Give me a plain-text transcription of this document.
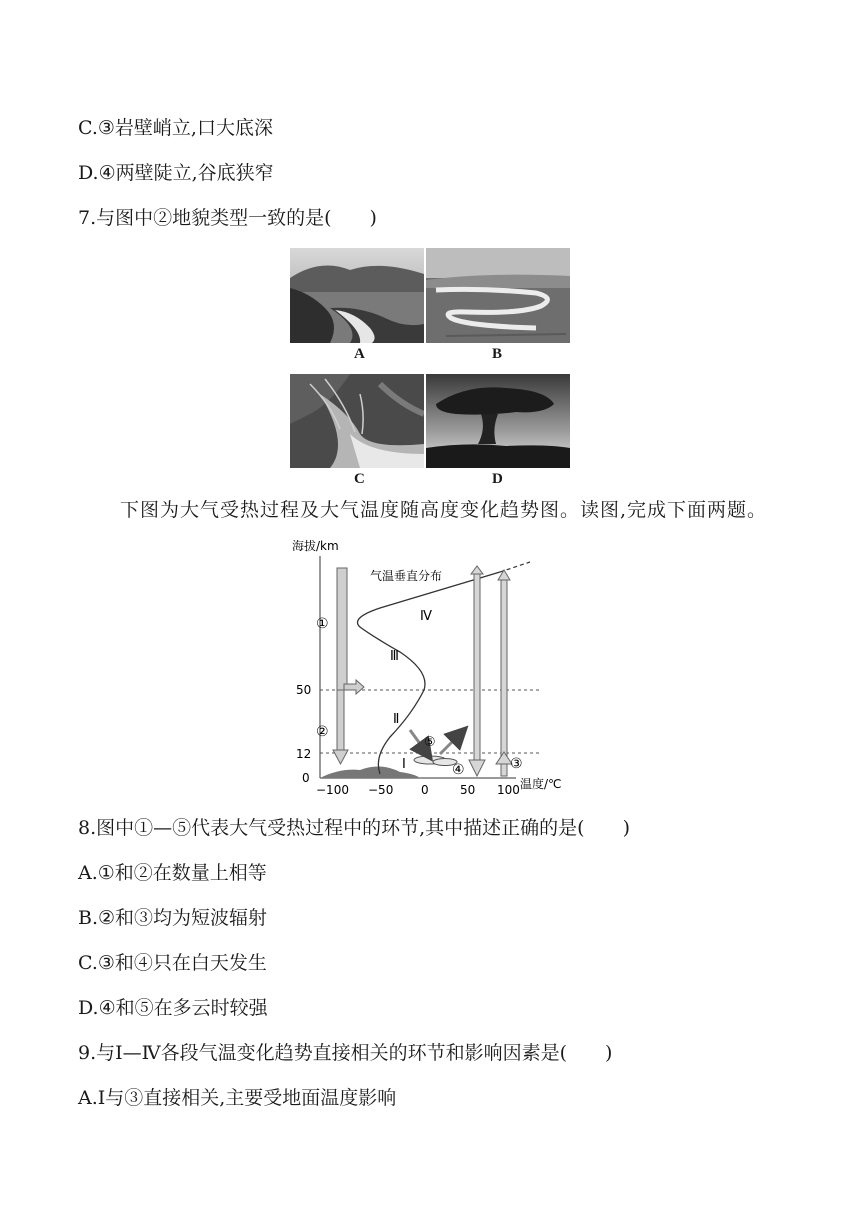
C.③岩壁峭立,口大底深
D.④两壁陡立,谷底狭窄
7.与图中②地貌类型一致的是(　　)
A	B
C	D
下图为大气受热过程及大气温度随高度变化趋势图。读图,完成下面两题。
海拔/km
温度/℃
0
12
50
−100 −50 0	50 100
①
②
气温垂直分布
Ⅰ
Ⅱ
Ⅲ
Ⅳ
⑤
④	③
8.图中①—⑤代表大气受热过程中的环节,其中描述正确的是(　　)
A.①和②在数量上相等
B.②和③均为短波辐射
C.③和④只在白天发生
D.④和⑤在多云时较强
9.与Ⅰ—Ⅳ各段气温变化趋势直接相关的环节和影响因素是(　　)
A.Ⅰ与③直接相关,主要受地面温度影响
